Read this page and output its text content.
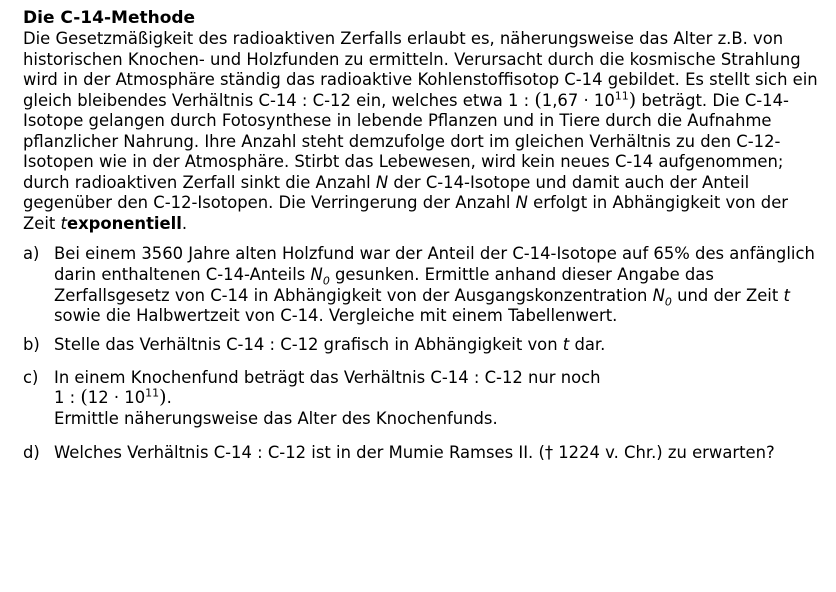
Die C-14-Methode

Die Gesetzmäßigkeit des radioaktiven Zerfalls erlaubt es, näherungsweise das Alter z.B. von historischen Knochen- und Holzfunden zu ermitteln. Verursacht durch die kosmische Strahlung wird in der Atmosphäre ständig das radioaktive Kohlenstoffisotop C-14 gebildet. Es stellt sich ein gleich bleibendes Verhältnis C-14 : C-12 ein, welches etwa 1 : $(1,67 \cdot 10^{11})$ beträgt. Die C-14-Isotope gelangen durch Fotosynthese in lebende Pflanzen und in Tiere durch die Aufnahme pflanzlicher Nahrung. Ihre Anzahl steht demzufolge dort im gleichen Verhältnis zu den C-12-Isotopen wie in der Atmosphäre. Stirbt das Lebewesen, wird kein neues C-14 aufgenommen; durch radioaktiven Zerfall sinkt die Anzahl N der C-14-Isotope und damit auch der Anteil gegenüber den C-12-Isotopen. Die Verringerung der Anzahl N erfolgt in Abhängigkeit von der Zeit texponentiell.

a) Bei einem 3560 Jahre alten Holzfund war der Anteil der C-14-Isotope auf 65% des anfänglich darin enthaltenen C-14-Anteils $N_0$ gesunken. Ermittle anhand dieser Angabe das Zerfallsgesetz von C-14 in Abhängigkeit von der Ausgangskonzentration $N_0$ und der Zeit t sowie die Halbwertzeit von C-14. Vergleiche mit einem Tabellenwert.
b) Stelle das Verhältnis C-14 : C-12 grafisch in Abhängigkeit von t dar.
c) In einem Knochenfund beträgt das Verhältnis C-14 : C-12 nur noch
1 : $(12 \cdot 10^{11})$.
Ermittle näherungsweise das Alter des Knochenfunds.
d) Welches Verhältnis C-14 : C-12 ist in der Mumie Ramses II. († 1224 v. Chr.) zu erwarten?
